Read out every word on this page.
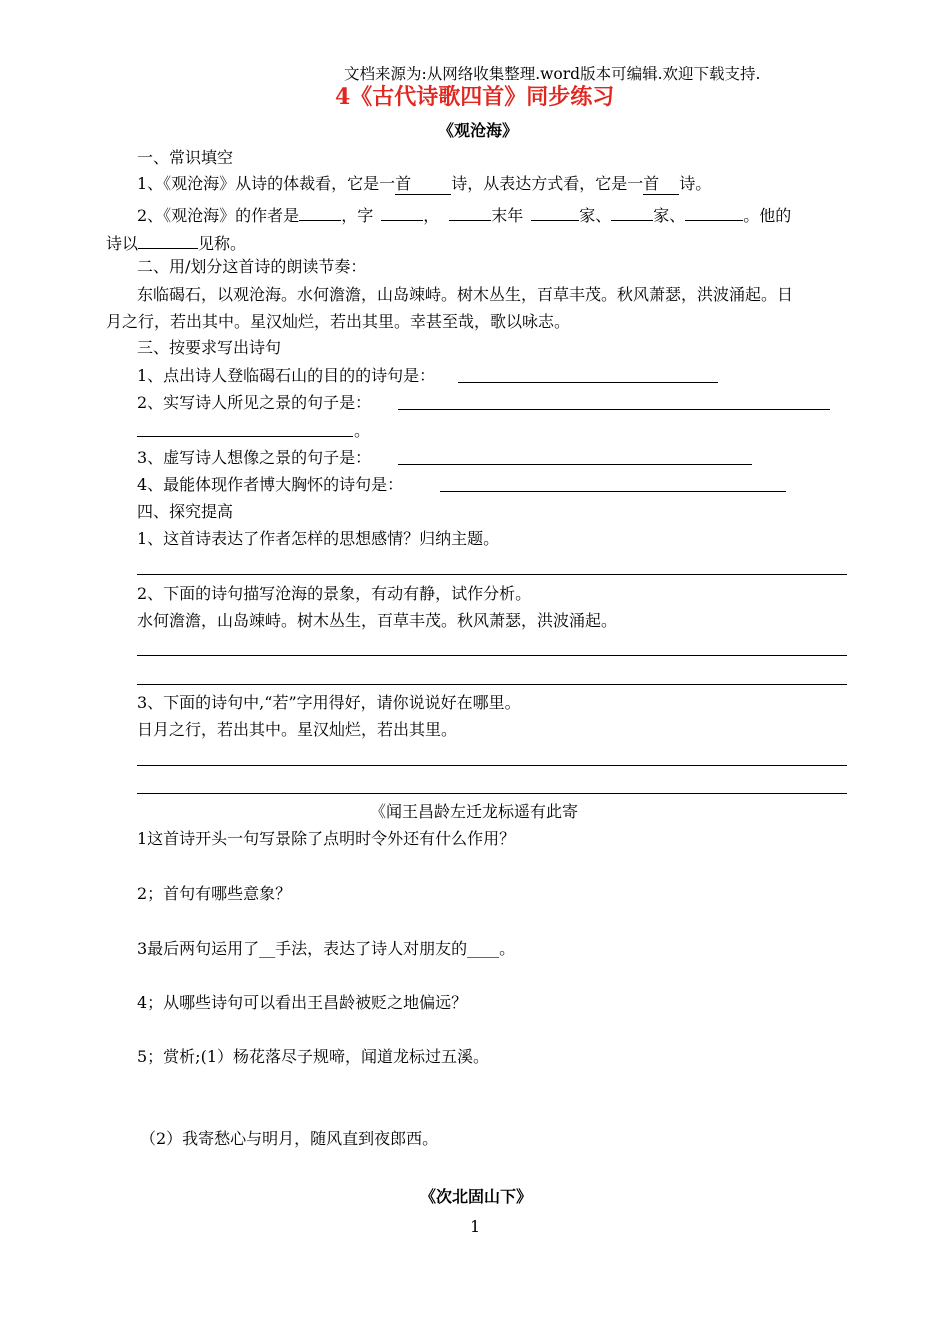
文档来源为:从网络收集整理.word版本可编辑.欢迎下载支持.
4《古代诗歌四首》同步练习
《观沧海》
一、常识填空
1、《观沧海》从诗的体裁看，它是一首 诗，从表达方式看，它是一首 诗。
2、《观沧海》的作者是	，字	，	末年	家、	家、	。他的
诗以	见称。
二、用/划分这首诗的朗读节奏：
东临碣石，以观沧海。水何澹澹，山岛竦峙。树木丛生，百草丰茂。秋风萧瑟，洪波涌起。日
月之行，若出其中。星汉灿烂，若出其里。幸甚至哉，歌以咏志。
三、按要求写出诗句
1、点出诗人登临碣石山的目的的诗句是：
2、实写诗人所见之景的句子是：
。
3、虚写诗人想像之景的句子是：
4、最能体现作者博大胸怀的诗句是：
四、探究提高
1、这首诗表达了作者怎样的思想感情？归纳主题。
2、下面的诗句描写沧海的景象，有动有静，试作分析。
水何澹澹，山岛竦峙。树木丛生，百草丰茂。秋风萧瑟，洪波涌起。
3、下面的诗句中,“若”字用得好，请你说说好在哪里。
日月之行，若出其中。星汉灿烂，若出其里。
《闻王昌龄左迁龙标遥有此寄
1这首诗开头一句写景除了点明时令外还有什么作用？
2；首句有哪些意象？
3最后两句运用了__手法，表达了诗人对朋友的____。
4；从哪些诗句可以看出王昌龄被贬之地偏远？
5；赏析;(1）杨花落尽子规啼，闻道龙标过五溪。
（2）我寄愁心与明月，随风直到夜郎西。
《次北固山下》
1
